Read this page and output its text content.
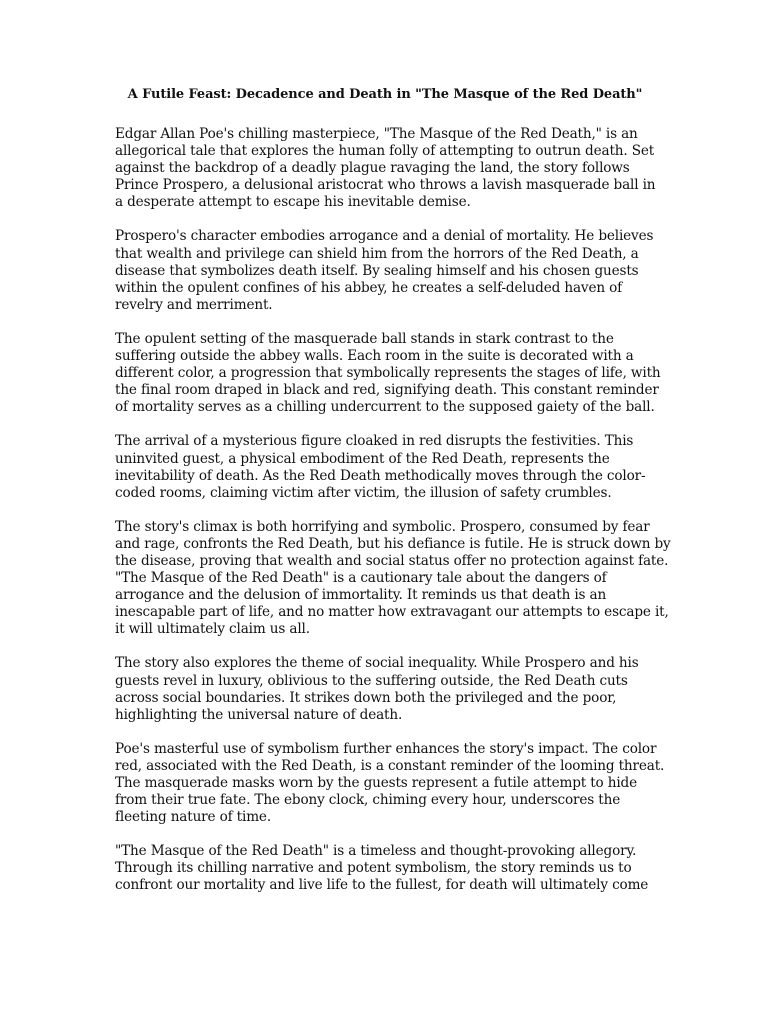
A Futile Feast: Decadence and Death in "The Masque of the Red Death"

Edgar Allan Poe's chilling masterpiece, "The Masque of the Red Death," is an
allegorical tale that explores the human folly of attempting to outrun death. Set
against the backdrop of a deadly plague ravaging the land, the story follows
Prince Prospero, a delusional aristocrat who throws a lavish masquerade ball in
a desperate attempt to escape his inevitable demise.

Prospero's character embodies arrogance and a denial of mortality. He believes
that wealth and privilege can shield him from the horrors of the Red Death, a
disease that symbolizes death itself. By sealing himself and his chosen guests
within the opulent confines of his abbey, he creates a self-deluded haven of
revelry and merriment.

The opulent setting of the masquerade ball stands in stark contrast to the
suffering outside the abbey walls. Each room in the suite is decorated with a
different color, a progression that symbolically represents the stages of life, with
the final room draped in black and red, signifying death. This constant reminder
of mortality serves as a chilling undercurrent to the supposed gaiety of the ball.

The arrival of a mysterious figure cloaked in red disrupts the festivities. This
uninvited guest, a physical embodiment of the Red Death, represents the
inevitability of death. As the Red Death methodically moves through the color-
coded rooms, claiming victim after victim, the illusion of safety crumbles.

The story's climax is both horrifying and symbolic. Prospero, consumed by fear
and rage, confronts the Red Death, but his defiance is futile. He is struck down by
the disease, proving that wealth and social status offer no protection against fate.
"The Masque of the Red Death" is a cautionary tale about the dangers of
arrogance and the delusion of immortality. It reminds us that death is an
inescapable part of life, and no matter how extravagant our attempts to escape it,
it will ultimately claim us all.

The story also explores the theme of social inequality. While Prospero and his
guests revel in luxury, oblivious to the suffering outside, the Red Death cuts
across social boundaries. It strikes down both the privileged and the poor,
highlighting the universal nature of death.

Poe's masterful use of symbolism further enhances the story's impact. The color
red, associated with the Red Death, is a constant reminder of the looming threat.
The masquerade masks worn by the guests represent a futile attempt to hide
from their true fate. The ebony clock, chiming every hour, underscores the
fleeting nature of time.

"The Masque of the Red Death" is a timeless and thought-provoking allegory.
Through its chilling narrative and potent symbolism, the story reminds us to
confront our mortality and live life to the fullest, for death will ultimately come
